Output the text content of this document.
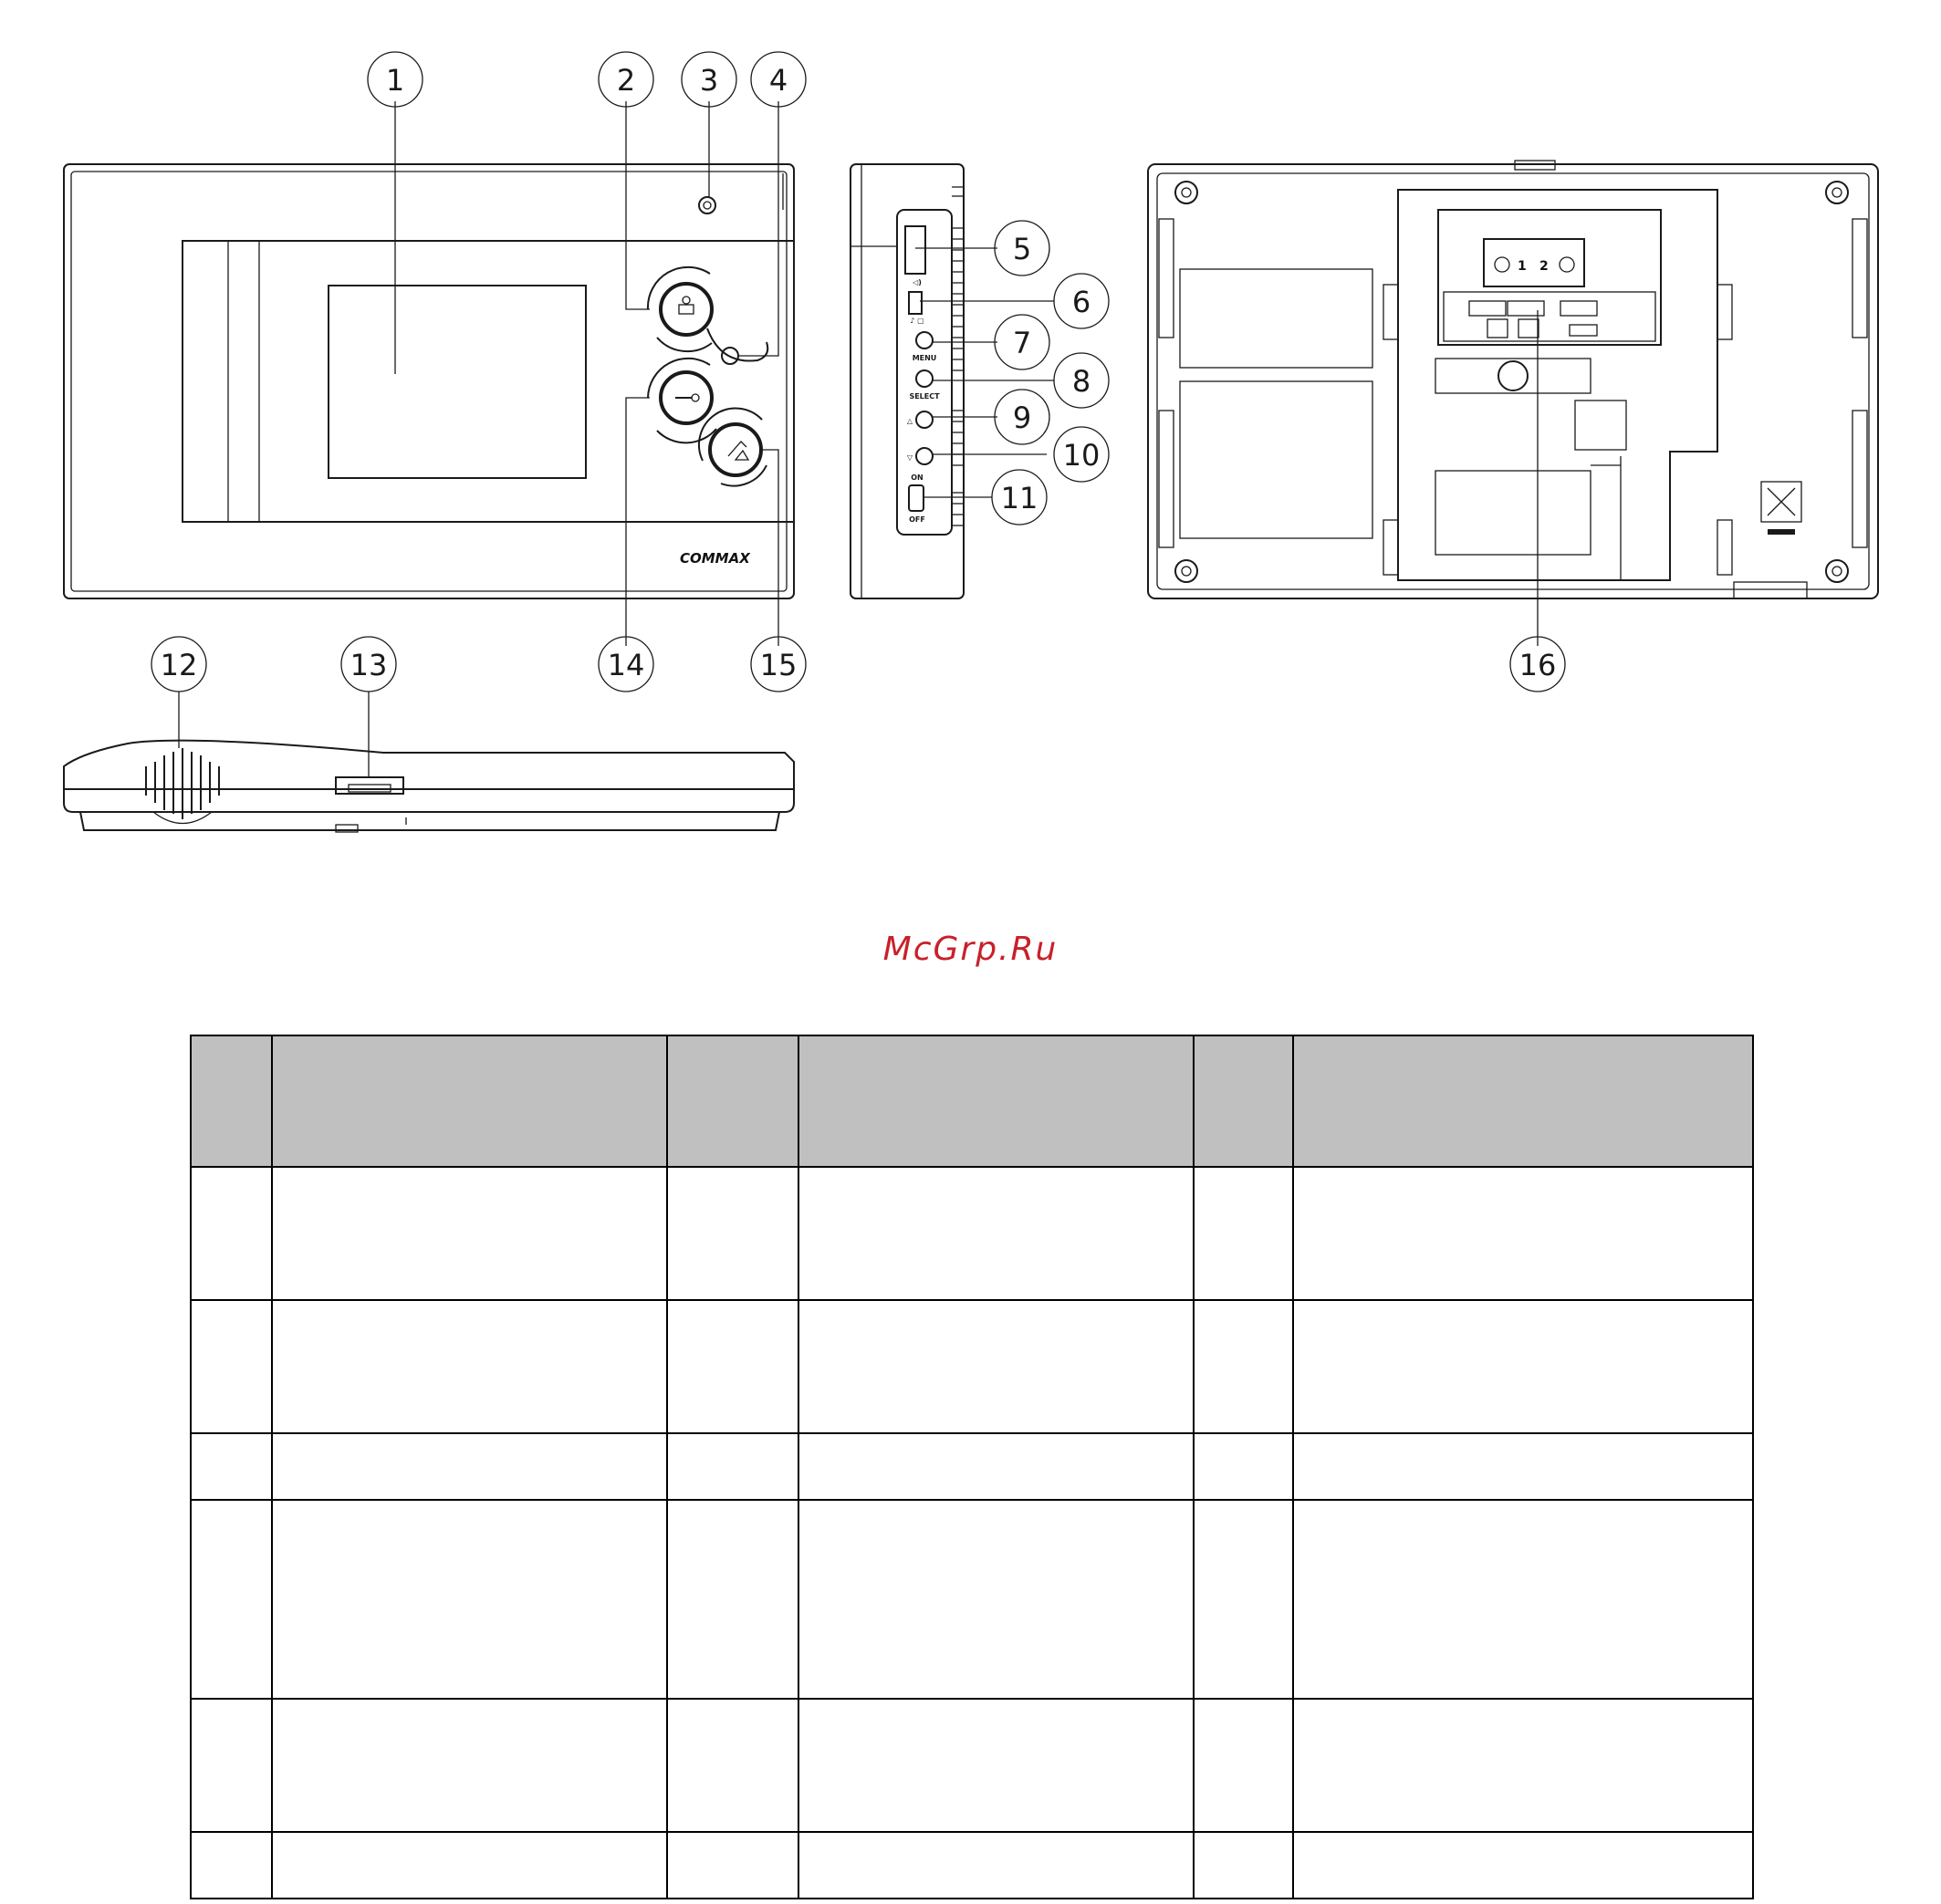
COMMAX
◁)
♪ ▢
MENU
SELECT
△
▽
ON
OFF
1 2
1	2 3 4
5
6
7
8
9
10
11
12	13	14	15	16
McGrp.Ru
